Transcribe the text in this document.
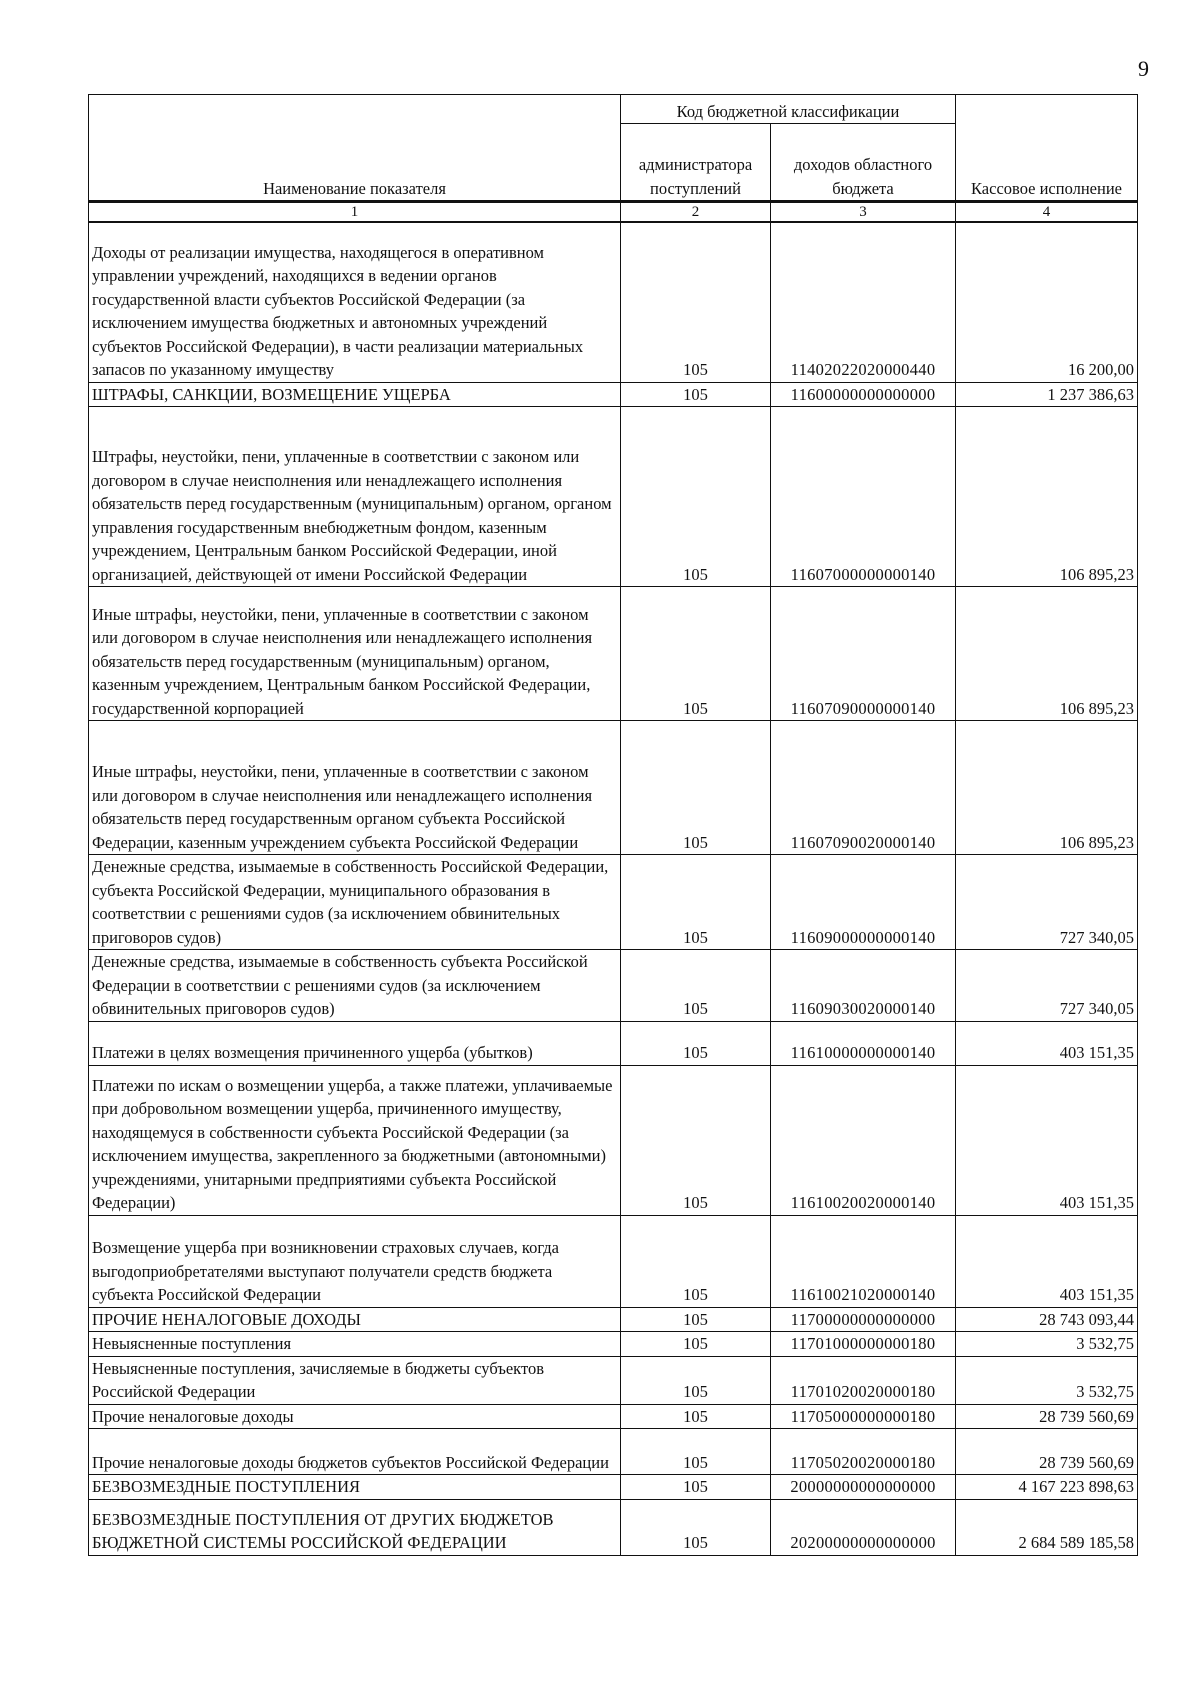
9
Наименование показателя	Код бюджетной классификации		Кассовое исполнение
	администратора поступлений	доходов областного бюджета	
1	2	3	4
Доходы от реализации имущества, находящегося в оперативном управлении учреждений, находящихся в ведении органов государственной власти субъектов Российской Федерации (за исключением имущества бюджетных и автономных учреждений субъектов Российской Федерации), в части реализации материальных запасов по указанному имуществу	105	11402022020000440	16 200,00
ШТРАФЫ, САНКЦИИ, ВОЗМЕЩЕНИЕ УЩЕРБА	105	11600000000000000	1 237 386,63
Штрафы, неустойки, пени, уплаченные в соответствии с законом или договором в случае неисполнения или ненадлежащего исполнения обязательств перед государственным (муниципальным) органом, органом управления государственным внебюджетным фондом, казенным учреждением, Центральным банком Российской Федерации, иной организацией, действующей от имени Российской Федерации	105	11607000000000140	106 895,23
Иные штрафы, неустойки, пени, уплаченные в соответствии с законом или договором в случае неисполнения или ненадлежащего исполнения обязательств перед государственным (муниципальным) органом, казенным учреждением, Центральным банком Российской Федерации, государственной корпорацией	105	11607090000000140	106 895,23
Иные штрафы, неустойки, пени, уплаченные в соответствии с законом или договором в случае неисполнения или ненадлежащего исполнения обязательств перед государственным органом субъекта Российской Федерации, казенным учреждением субъекта Российской Федерации	105	11607090020000140	106 895,23
Денежные средства, изымаемые в собственность Российской Федерации, субъекта Российской Федерации, муниципального образования в соответствии с решениями судов (за исключением обвинительных приговоров судов)	105	11609000000000140	727 340,05
Денежные средства, изымаемые в собственность субъекта Российской Федерации в соответствии с решениями судов (за исключением обвинительных приговоров судов)	105	11609030020000140	727 340,05
Платежи в целях возмещения причиненного ущерба (убытков)	105	11610000000000140	403 151,35
Платежи по искам о возмещении ущерба, а также платежи, уплачиваемые при добровольном возмещении ущерба, причиненного имуществу, находящемуся в собственности субъекта Российской Федерации (за исключением имущества, закрепленного за бюджетными (автономными) учреждениями, унитарными предприятиями субъекта Российской Федерации)	105	11610020020000140	403 151,35
Возмещение ущерба при возникновении страховых случаев, когда выгодоприобретателями выступают получатели средств бюджета субъекта Российской Федерации	105	11610021020000140	403 151,35
ПРОЧИЕ НЕНАЛОГОВЫЕ ДОХОДЫ	105	11700000000000000	28 743 093,44
Невыясненные поступления	105	11701000000000180	3 532,75
Невыясненные поступления, зачисляемые в бюджеты субъектов Российской Федерации	105	11701020020000180	3 532,75
Прочие неналоговые доходы	105	11705000000000180	28 739 560,69
Прочие неналоговые доходы бюджетов субъектов Российской Федерации	105	11705020020000180	28 739 560,69
БЕЗВОЗМЕЗДНЫЕ ПОСТУПЛЕНИЯ	105	20000000000000000	4 167 223 898,63
БЕЗВОЗМЕЗДНЫЕ ПОСТУПЛЕНИЯ ОТ ДРУГИХ БЮДЖЕТОВ БЮДЖЕТНОЙ СИСТЕМЫ РОССИЙСКОЙ ФЕДЕРАЦИИ	105	20200000000000000	2 684 589 185,58
